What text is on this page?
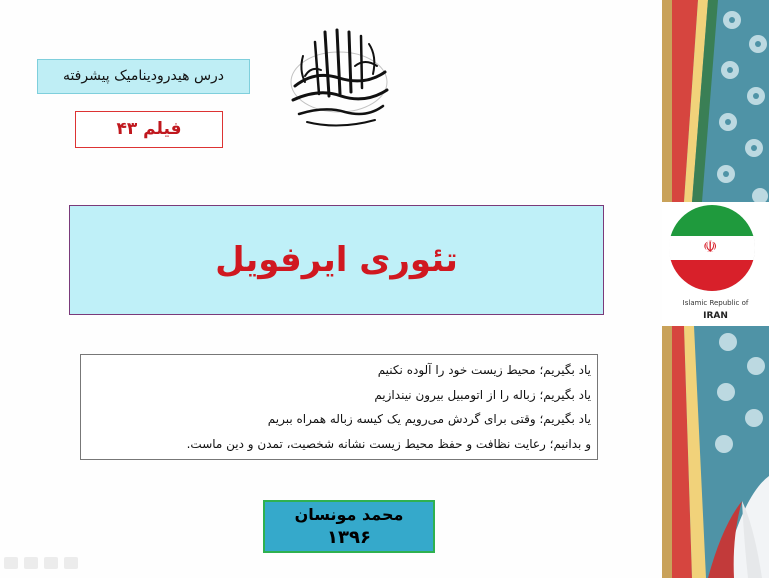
درس هیدرودینامیک پیشرفته
فیلم ۴۳
تئوری ایرفویل
یاد بگیریم؛ محیط زیست خود را آلوده نکنیم
یاد بگیریم؛ زباله را از اتومبیل بیرون نیندازیم
یاد بگیریم؛ وقتی برای گردش می‌رویم یک کیسه زباله همراه ببریم
و بدانیم؛ رعایت نظافت و حفظ محیط زیست نشانه شخصیت، تمدن و دین ماست.
محمد مونسان
۱۳۹۶
☫
Islamic Republic of
IRAN
